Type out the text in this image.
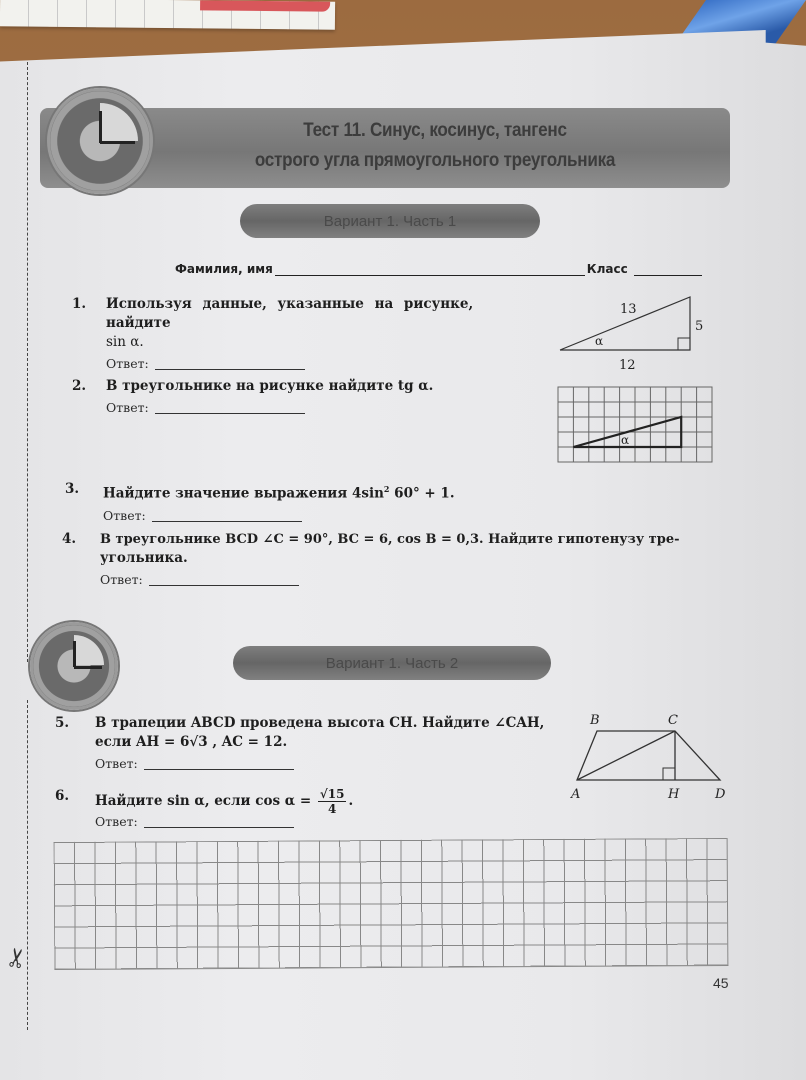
✂
Тест 11. Синус, косинус, тангенс
острого угла прямоугольного треугольника
Вариант 1. Часть 1
Фамилия, имя	Класс
1. Используя данные, указанные на рисунке, найдите
sin α.
Ответ:
13
5
12
α
2. В треугольнике на рисунке найдите tg α.
Ответ:
α
3. Найдите значение выражения $4\sin^2$ 60° + 1.
Ответ:
4. В треугольнике BCD ∠C = 90°, BC = 6, cos B = 0,3. Найдите гипотенузу тре-
угольника.
Ответ:
Вариант 1. Часть 2
5. В трапеции ABCD проведена высота CH. Найдите ∠CAH,
если AH = 6√3 , AC = 12.
Ответ:
B	C
A	H	D
6. Найдите sin α, если $\cos \alpha = \frac{√15}{4}$ .
Ответ:
45
